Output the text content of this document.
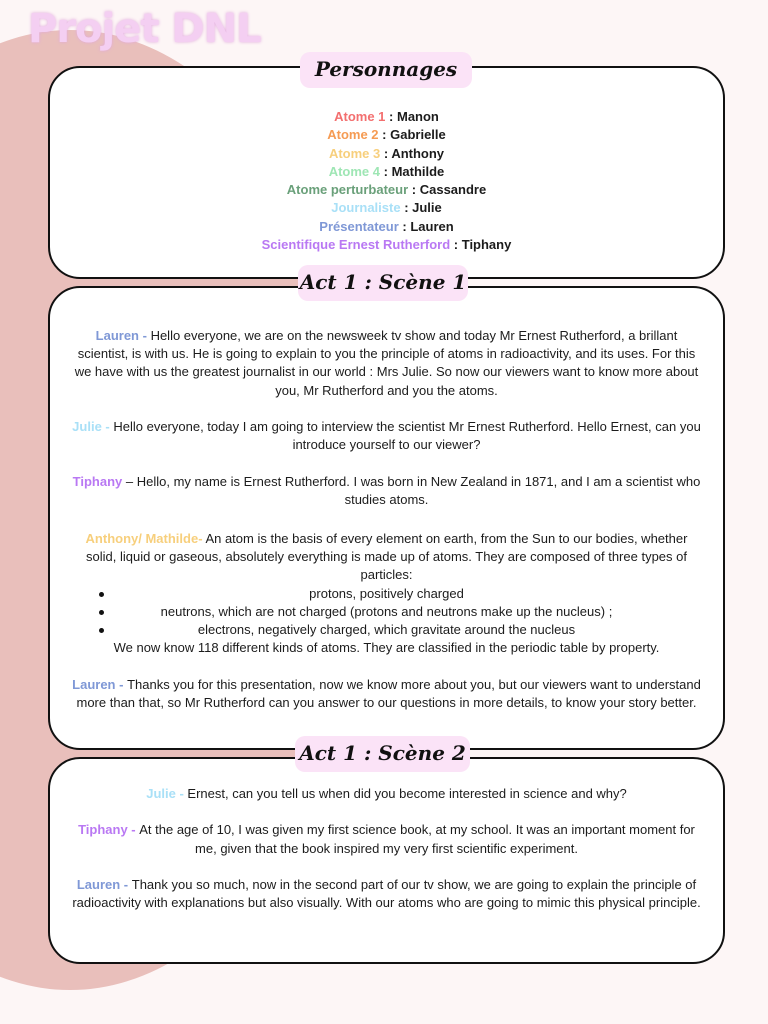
Projet DNL
Personnages
Atome 1 : Manon
Atome 2 : Gabrielle
Atome 3 : Anthony
Atome 4 : Mathilde
Atome perturbateur : Cassandre
Journaliste : Julie
Présentateur : Lauren
Scientifique Ernest Rutherford : Tiphany
Act 1 : Scène 1

Lauren - Hello everyone, we are on the newsweek tv show and today Mr Ernest Rutherford, a brillant scientist, is with us. He is going to explain to you the principle of atoms in radioactivity, and its uses. For this we have with us the greatest journalist in our world : Mrs Julie. So now our viewers want to know more about you, Mr Rutherford and you the atoms.

Julie - Hello everyone, today I am going to interview the scientist Mr Ernest Rutherford. Hello Ernest, can you introduce yourself to our viewer?

Tiphany – Hello, my name is Ernest Rutherford. I was born in New Zealand in 1871, and I am a scientist who studies atoms.

Anthony/ Mathilde- An atom is the basis of every element on earth, from the Sun to our bodies, whether solid, liquid or gaseous, absolutely everything is made up of atoms. They are composed of three types of particles:

protons, positively charged
neutrons, which are not charged (protons and neutrons make up the nucleus) ;
electrons, negatively charged, which gravitate around the nucleus

We now know 118 different kinds of atoms. They are classified in the periodic table by property.

Lauren - Thanks you for this presentation, now we know more about you, but our viewers want to understand more than that, so Mr Rutherford can you answer to our questions in more details, to know your story better.

Act 1 : Scène 2

Julie - Ernest, can you tell us when did you become interested in science and why?

Tiphany - At the age of 10, I was given my first science book, at my school. It was an important moment for me, given that the book inspired my very first scientific experiment.

Lauren - Thank you so much, now in the second part of our tv show, we are going to explain the principle of radioactivity with explanations but also visually. With our atoms who are going to mimic this physical principle.
